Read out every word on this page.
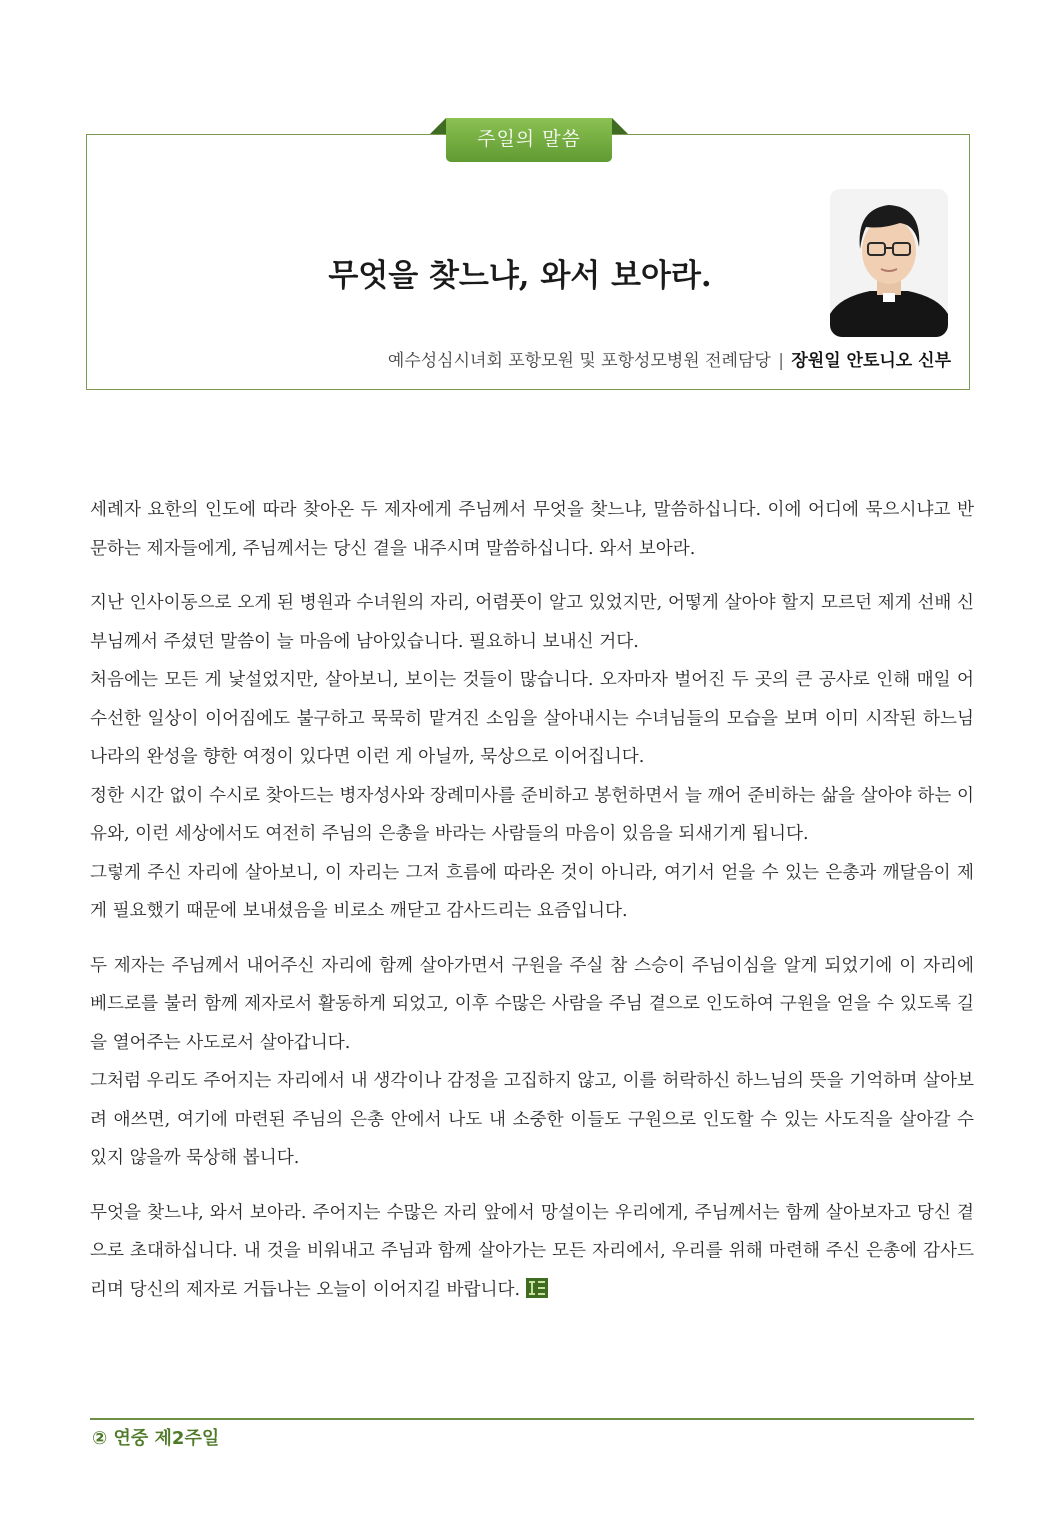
주일의 말씀
무엇을 찾느냐, 와서 보아라.
예수성심시녀회 포항모원 및 포항성모병원 전례담당 | 장원일 안토니오 신부

세례자 요한의 인도에 따라 찾아온 두 제자에게 주님께서 무엇을 찾느냐, 말씀하십니다. 이에 어디에 묵으시냐고 반문하는 제자들에게, 주님께서는 당신 곁을 내주시며 말씀하십니다. 와서 보아라.

지난 인사이동으로 오게 된 병원과 수녀원의 자리, 어렴풋이 알고 있었지만, 어떻게 살아야 할지 모르던 제게 선배 신부님께서 주셨던 말씀이 늘 마음에 남아있습니다. 필요하니 보내신 거다.

처음에는 모든 게 낯설었지만, 살아보니, 보이는 것들이 많습니다. 오자마자 벌어진 두 곳의 큰 공사로 인해 매일 어수선한 일상이 이어짐에도 불구하고 묵묵히 맡겨진 소임을 살아내시는 수녀님들의 모습을 보며 이미 시작된 하느님 나라의 완성을 향한 여정이 있다면 이런 게 아닐까, 묵상으로 이어집니다.

정한 시간 없이 수시로 찾아드는 병자성사와 장례미사를 준비하고 봉헌하면서 늘 깨어 준비하는 삶을 살아야 하는 이유와, 이런 세상에서도 여전히 주님의 은총을 바라는 사람들의 마음이 있음을 되새기게 됩니다.

그렇게 주신 자리에 살아보니, 이 자리는 그저 흐름에 따라온 것이 아니라, 여기서 얻을 수 있는 은총과 깨달음이 제게 필요했기 때문에 보내셨음을 비로소 깨닫고 감사드리는 요즘입니다.

두 제자는 주님께서 내어주신 자리에 함께 살아가면서 구원을 주실 참 스승이 주님이심을 알게 되었기에 이 자리에 베드로를 불러 함께 제자로서 활동하게 되었고, 이후 수많은 사람을 주님 곁으로 인도하여 구원을 얻을 수 있도록 길을 열어주는 사도로서 살아갑니다.

그처럼 우리도 주어지는 자리에서 내 생각이나 감정을 고집하지 않고, 이를 허락하신 하느님의 뜻을 기억하며 살아보려 애쓰면, 여기에 마련된 주님의 은총 안에서 나도 내 소중한 이들도 구원으로 인도할 수 있는 사도직을 살아갈 수 있지 않을까 묵상해 봅니다.

무엇을 찾느냐, 와서 보아라. 주어지는 수많은 자리 앞에서 망설이는 우리에게, 주님께서는 함께 살아보자고 당신 곁으로 초대하십니다. 내 것을 비워내고 주님과 함께 살아가는 모든 자리에서, 우리를 위해 마련해 주신 은총에 감사드리며 당신의 제자로 거듭나는 오늘이 이어지길 바랍니다.

② 연중 제2주일
